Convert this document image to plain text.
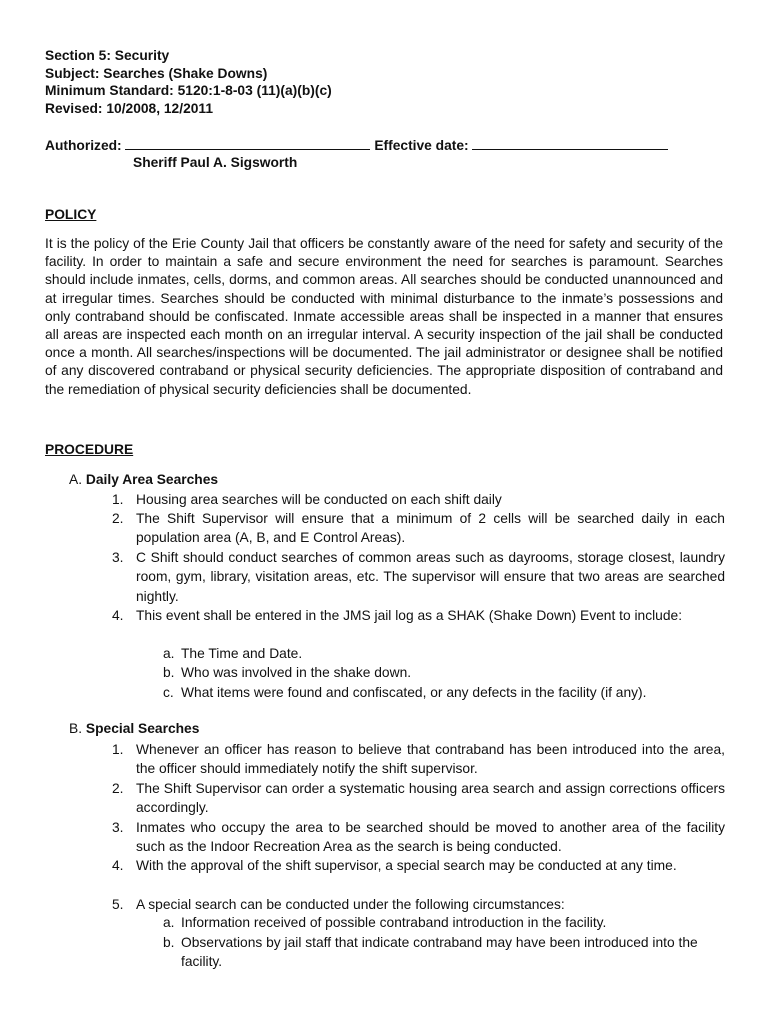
Section 5: Security
Subject: Searches (Shake Downs)
Minimum Standard: 5120:1-8-03 (11)(a)(b)(c)
Revised: 10/2008, 12/2011
Authorized:	Effective date:
Sheriff Paul A. Sigsworth
POLICY

It is the policy of the Erie County Jail that officers be constantly aware of the need for safety and security of the facility. In order to maintain a safe and secure environment the need for searches is paramount. Searches should include inmates, cells, dorms, and common areas. All searches should be conducted unannounced and at irregular times. Searches should be conducted with minimal disturbance to the inmate’s possessions and only contraband should be confiscated. Inmate accessible areas shall be inspected in a manner that ensures all areas are inspected each month on an irregular interval. A security inspection of the jail shall be conducted once a month. All searches/inspections will be documented. The jail administrator or designee shall be notified of any discovered contraband or physical security deficiencies. The appropriate disposition of contraband and the remediation of physical security deficiencies shall be documented.

PROCEDURE
A. Daily Area Searches
1. Housing area searches will be conducted on each shift daily
2. The Shift Supervisor will ensure that a minimum of 2 cells will be searched daily in each population area (A, B, and E Control Areas).
3. C Shift should conduct searches of common areas such as dayrooms, storage closest, laundry room, gym, library, visitation areas, etc. The supervisor will ensure that two areas are searched nightly.
4. This event shall be entered in the JMS jail log as a SHAK (Shake Down) Event to include:
a. The Time and Date.
b. Who was involved in the shake down.
c. What items were found and confiscated, or any defects in the facility (if any).
B. Special Searches
1. Whenever an officer has reason to believe that contraband has been introduced into the area, the officer should immediately notify the shift supervisor.
2. The Shift Supervisor can order a systematic housing area search and assign corrections officers accordingly.
3. Inmates who occupy the area to be searched should be moved to another area of the facility such as the Indoor Recreation Area as the search is being conducted.
4. With the approval of the shift supervisor, a special search may be conducted at any time.
5. A special search can be conducted under the following circumstances:
a. Information received of possible contraband introduction in the facility.
b. Observations by jail staff that indicate contraband may have been introduced into the facility.
